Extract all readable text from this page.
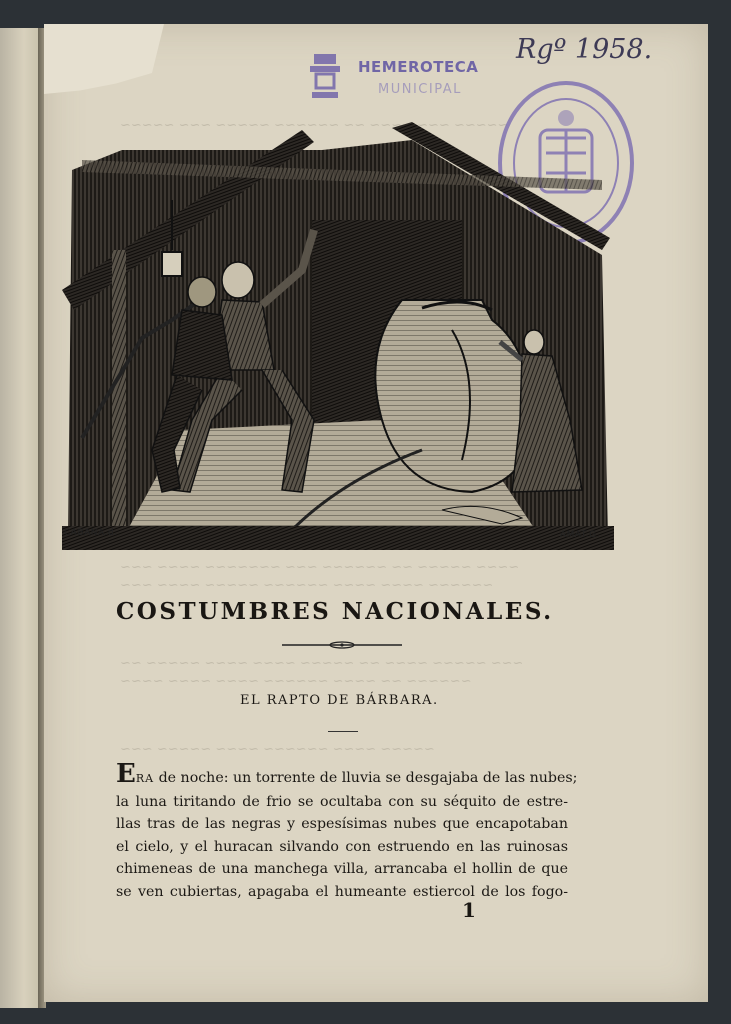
~~~~~ ~~~ ~~~~ ~~ ~~~~~~ ~~~~~ ~~~ ~~~~~
~~~~ ~~~~~ ~~ ~~~~~~ ~~~ ~~~~~~~ ~~~~ ~~~
~~~~~~ ~~~~ ~~~~ ~~~~~~ ~~~~~ ~~~~ ~~~
~~~ ~~~~~ ~~~~ ~~ ~~~~~ ~~~~ ~~~~ ~~~~~ ~~
~~~~~~ ~~ ~~~~ ~~~~~~ ~~~~ ~~~~ ~~~~
~~~~~ ~~~~ ~~~~~~ ~~~~ ~~~~~ ~~~
HEMEROTECA
MUNICIPAL
Rgº 1958.
CABANA.d.	AMAT.G.
COSTUMBRES NACIONALES.
EL RAPTO DE BÁRBARA.
ERA de noche: un torrente de lluvia se desgajaba de las nubes;
la luna tiritando de frio se ocultaba con su séquito de estre-
llas tras de las negras y espesísimas nubes que encapotaban
el cielo, y el huracan silvando con estruendo en las ruinosas
chimeneas de una manchega villa, arrancaba el hollin de que
se ven cubiertas, apagaba el humeante estiercol de los fogo-
1
